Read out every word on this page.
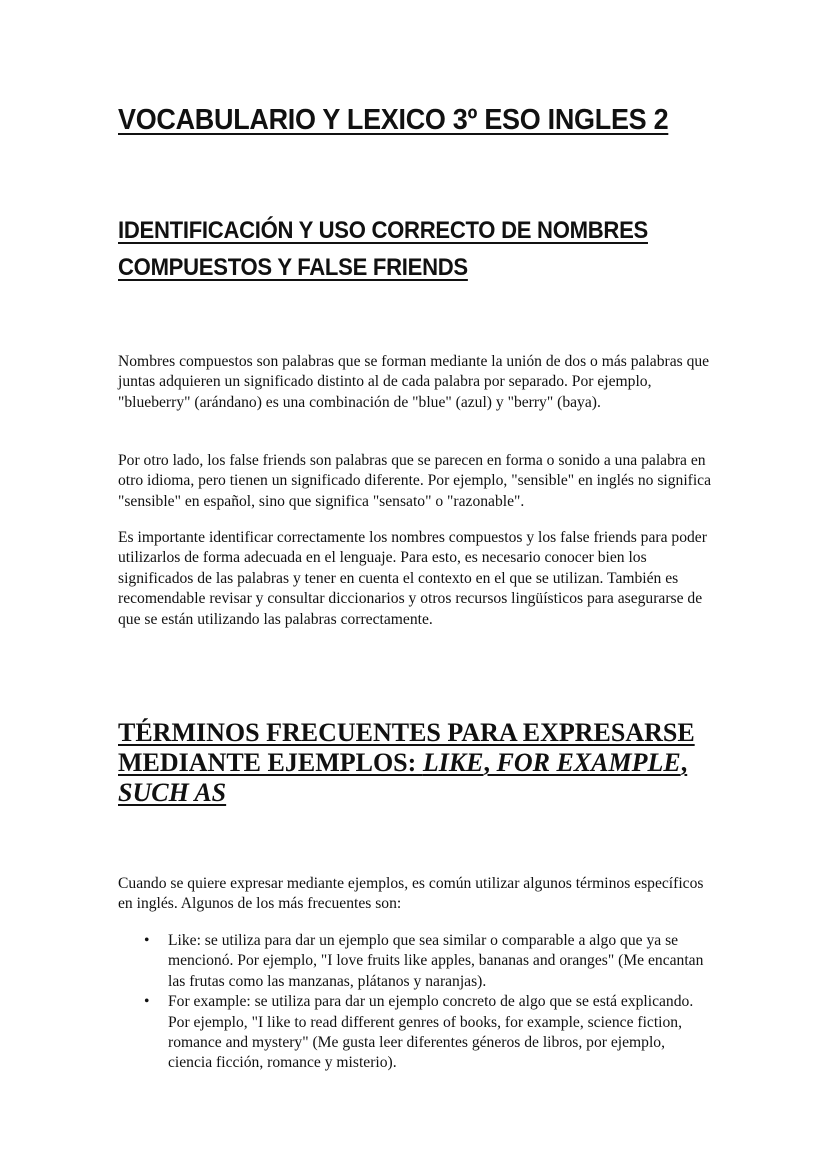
VOCABULARIO Y LEXICO 3º ESO INGLES 2
IDENTIFICACIÓN Y USO CORRECTO DE NOMBRES COMPUESTOS Y FALSE FRIENDS

Nombres compuestos son palabras que se forman mediante la unión de dos o más palabras que juntas adquieren un significado distinto al de cada palabra por separado. Por ejemplo, "blueberry" (arándano) es una combinación de "blue" (azul) y "berry" (baya).

Por otro lado, los false friends son palabras que se parecen en forma o sonido a una palabra en otro idioma, pero tienen un significado diferente. Por ejemplo, "sensible" en inglés no significa "sensible" en español, sino que significa "sensato" o "razonable".

Es importante identificar correctamente los nombres compuestos y los false friends para poder utilizarlos de forma adecuada en el lenguaje. Para esto, es necesario conocer bien los significados de las palabras y tener en cuenta el contexto en el que se utilizan. También es recomendable revisar y consultar diccionarios y otros recursos lingüísticos para asegurarse de que se están utilizando las palabras correctamente.

TÉRMINOS FRECUENTES PARA EXPRESARSE MEDIANTE EJEMPLOS: LIKE, FOR EXAMPLE, SUCH AS

Cuando se quiere expresar mediante ejemplos, es común utilizar algunos términos específicos en inglés. Algunos de los más frecuentes son:

• Like: se utiliza para dar un ejemplo que sea similar o comparable a algo que ya se mencionó. Por ejemplo, "I love fruits like apples, bananas and oranges" (Me encantan las frutas como las manzanas, plátanos y naranjas).
• For example: se utiliza para dar un ejemplo concreto de algo que se está explicando. Por ejemplo, "I like to read different genres of books, for example, science fiction, romance and mystery" (Me gusta leer diferentes géneros de libros, por ejemplo, ciencia ficción, romance y misterio).
